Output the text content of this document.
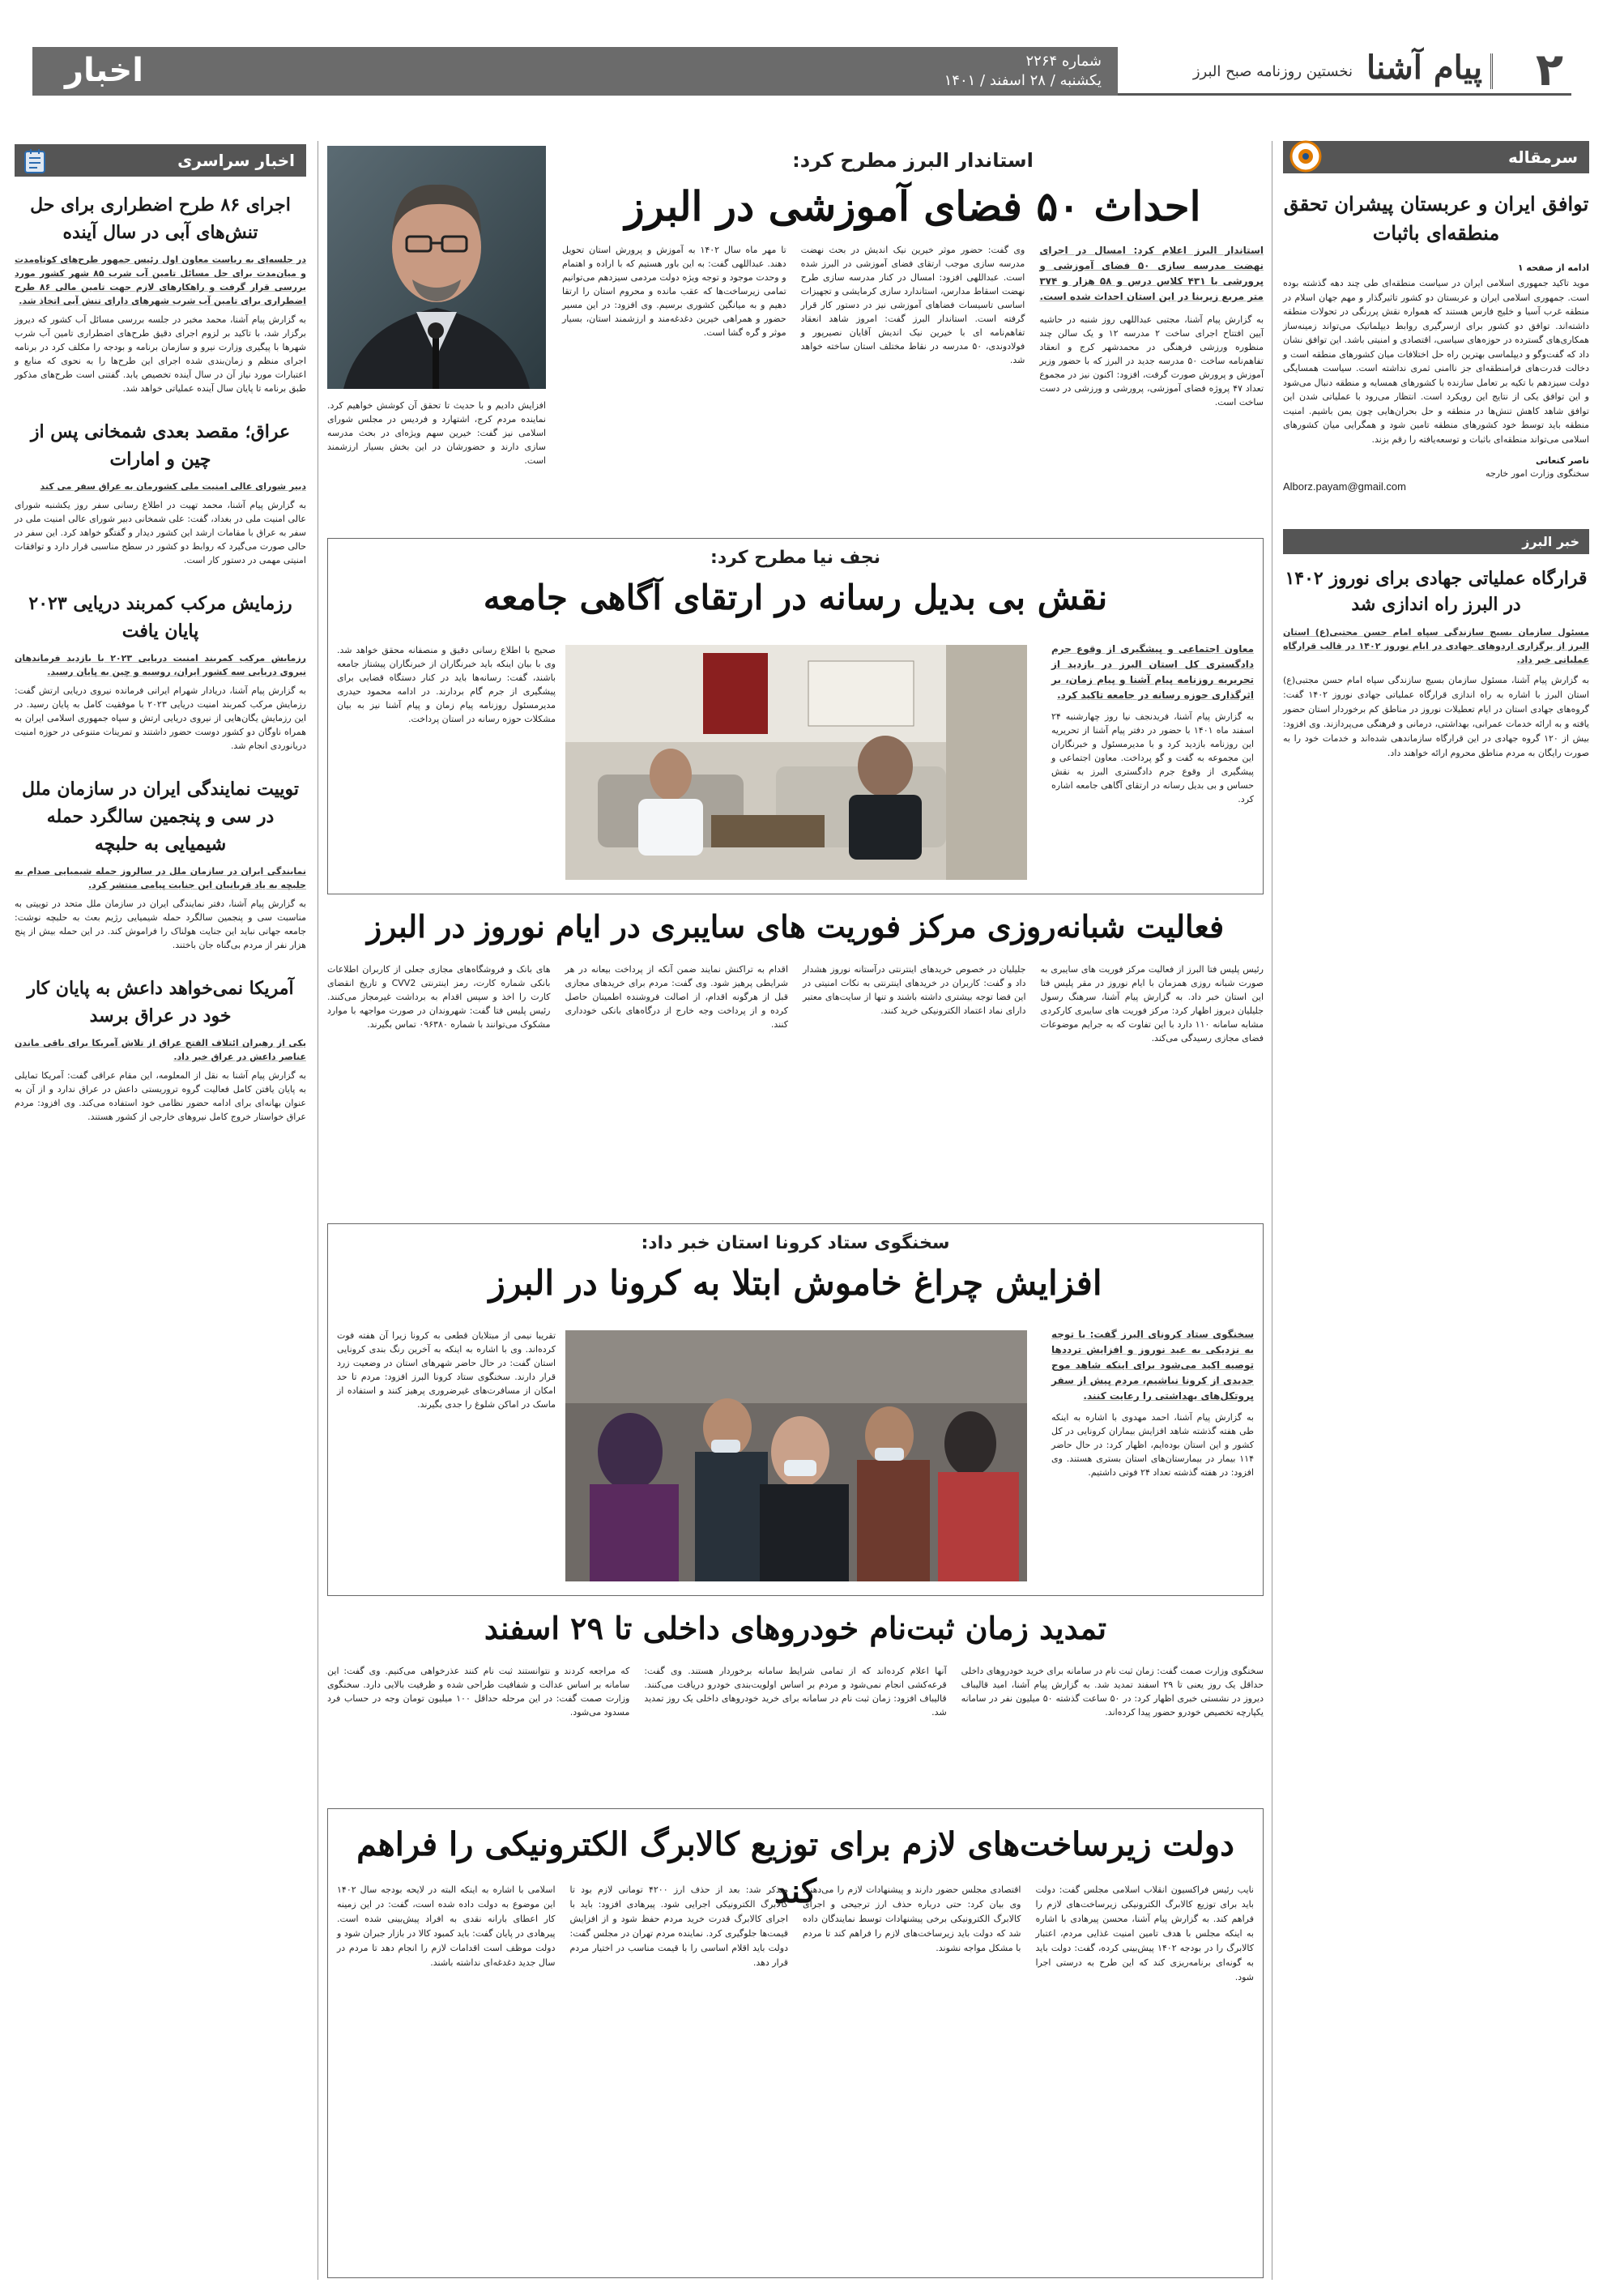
۲
پیام آشنا
نخستین روزنامه صبح البرز
اخبار	شماره ۲۲۶۴
یکشنبه / ۲۸ اسفند / ۱۴۰۱
سرمقاله
توافق ایران و عربستان پیشران تحقق منطقه‌ای باثبات
ادامه از صفحه ۱
موید تاکید جمهوری اسلامی ایران در سیاست منطقه‌ای طی چند دهه گذشته بوده است. جمهوری اسلامی ایران و عربستان دو کشور تاثیرگذار و مهم جهان اسلام در منطقه غرب آسیا و خلیج فارس هستند که همواره نقش پررنگی در تحولات منطقه داشته‌اند. توافق دو کشور برای ازسرگیری روابط دیپلماتیک می‌تواند زمینه‌ساز همکاری‌های گسترده در حوزه‌های سیاسی، اقتصادی و امنیتی باشد. این توافق نشان داد که گفت‌وگو و دیپلماسی بهترین راه حل اختلافات میان کشورهای منطقه است و دخالت قدرت‌های فرامنطقه‌ای جز ناامنی ثمری نداشته است. سیاست همسایگی دولت سیزدهم با تکیه بر تعامل سازنده با کشورهای همسایه و منطقه دنبال می‌شود و این توافق یکی از نتایج این رویکرد است. انتظار می‌رود با عملیاتی شدن این توافق شاهد کاهش تنش‌ها در منطقه و حل بحران‌هایی چون یمن باشیم. امنیت منطقه باید توسط خود کشورهای منطقه تامین شود و همگرایی میان کشورهای اسلامی می‌تواند منطقه‌ای باثبات و توسعه‌یافته را رقم بزند.
ناصر کنعانی
سخنگوی وزارت امور خارجه
Alborz.payam@gmail.com
خبر البرز
قرارگاه عملیاتی جهادی برای نوروز ۱۴۰۲ در البرز راه اندازی شد
مسئول سازمان بسیج سازندگی سپاه امام حسن مجتبی(ع) استان البرز از برگزاری اردوهای جهادی در ایام نوروز ۱۴۰۲ در قالب قرارگاه عملیاتی خبر داد.
به گزارش پیام آشنا، مسئول سازمان بسیج سازندگی سپاه امام حسن مجتبی(ع) استان البرز با اشاره به راه اندازی قرارگاه عملیاتی جهادی نوروز ۱۴۰۲ گفت: گروه‌های جهادی استان در ایام تعطیلات نوروز در مناطق کم برخوردار استان حضور یافته و به ارائه خدمات عمرانی، بهداشتی، درمانی و فرهنگی می‌پردازند. وی افزود: بیش از ۱۲۰ گروه جهادی در این قرارگاه سازماندهی شده‌اند و خدمات خود را به صورت رایگان به مردم مناطق محروم ارائه خواهند داد.
اخبار سراسری
اجرای ۸۶ طرح اضطراری برای حل تنش‌های آبی در سال آینده
در جلسه‌ای به ریاست معاون اول رئیس جمهور طرح‌های کوتاه‌مدت و میان‌مدت برای حل مسائل تامین آب شرب ۸۵ شهر کشور مورد بررسی قرار گرفت و راهکارهای لازم جهت تامین مالی ۸۶ طرح اضطراری برای تامین آب شرب شهرهای دارای تنش آبی اتخاذ شد.
به گزارش پیام آشنا، محمد مخبر در جلسه بررسی مسائل آب کشور که دیروز برگزار شد، با تاکید بر لزوم اجرای دقیق طرح‌های اضطراری تامین آب شرب شهرها با پیگیری وزارت نیرو و سازمان برنامه و بودجه را مکلف کرد در برنامه اجرای منظم و زمان‌بندی شده اجرای این طرح‌ها را به نحوی که منابع و اعتبارات مورد نیاز آن در سال آینده تخصیص یابد. گفتنی است طرح‌های مذکور طبق برنامه تا پایان سال آینده عملیاتی خواهد شد.
عراق؛ مقصد بعدی شمخانی پس از چین و امارات
دبیر شورای عالی امنیت ملی کشورمان به عراق سفر می کند
به گزارش پیام آشنا، محمد تهیت در اطلاع رسانی سفر روز یکشنبه شورای عالی امنیت ملی در بغداد، گفت: علی شمخانی دبیر شورای عالی امنیت ملی در سفر به عراق با مقامات ارشد این کشور دیدار و گفتگو خواهد کرد. این سفر در حالی صورت می‌گیرد که روابط دو کشور در سطح مناسبی قرار دارد و توافقات امنیتی مهمی در دستور کار است.
رزمایش مرکب کمربند دریایی ۲۰۲۳ پایان یافت
رزمایش مرکب کمربند امنیت دریایی ۲۰۲۳ با بازدید فرماندهان نیروی دریایی سه کشور ایران، روسیه و چین به پایان رسید.
به گزارش پیام آشنا، دریادار شهرام ایرانی فرمانده نیروی دریایی ارتش گفت: رزمایش مرکب کمربند امنیت دریایی ۲۰۲۳ با موفقیت کامل به پایان رسید. در این رزمایش یگان‌هایی از نیروی دریایی ارتش و سپاه جمهوری اسلامی ایران به همراه ناوگان دو کشور دوست حضور داشتند و تمرینات متنوعی در حوزه امنیت دریانوردی انجام شد.
توییت نمایندگی ایران در سازمان ملل در سی و پنجمین سالگرد حمله شیمیایی به حلبچه
نمایندگی ایران در سازمان ملل در سالروز حمله شیمیایی صدام به حلبچه به یاد قربانیان این جنایت پیامی منتشر کرد.
به گزارش پیام آشنا، دفتر نمایندگی ایران در سازمان ملل متحد در توییتی به مناسبت سی و پنجمین سالگرد حمله شیمیایی رژیم بعث به حلبچه نوشت: جامعه جهانی نباید این جنایت هولناک را فراموش کند. در این حمله بیش از پنج هزار نفر از مردم بی‌گناه جان باختند.
آمریکا نمی‌خواهد داعش به پایان کار خود در عراق برسد
یکی از رهبران ائتلاف الفتح عراق از تلاش آمریکا برای باقی ماندن عناصر داعش در عراق خبر داد.
به گزارش پیام آشنا به نقل از المعلومه، این مقام عراقی گفت: آمریکا تمایلی به پایان یافتن کامل فعالیت گروه تروریستی داعش در عراق ندارد و از آن به عنوان بهانه‌ای برای ادامه حضور نظامی خود استفاده می‌کند. وی افزود: مردم عراق خواستار خروج کامل نیروهای خارجی از کشور هستند.
استاندار البرز مطرح کرد:
احداث ۵۰ فضای آموزشی در البرز
استاندار البرز اعلام کرد: امسال در اجرای نهضت مدرسه سازی ۵۰ فضای آموزشی و پرورشی با ۴۳۱ کلاس درس و ۵۸ هزار و ۳۷۴ متر مربع زیربنا در این استان احداث شده است.
به گزارش پیام آشنا، مجتبی عبداللهی روز شنبه در حاشیه آیین افتتاح اجرای ساخت ۲ مدرسه ۱۲ و یک سالن چند منظوره ورزشی فرهنگی در محمدشهر کرج و انعقاد تفاهم‌نامه ساخت ۵۰ مدرسه جدید در البرز که با حضور وزیر آموزش و پرورش صورت گرفت، افزود: اکنون نیز در مجموع تعداد ۴۷ پروژه فضای آموزشی، پرورشی و ورزشی در دست ساخت است.
وی گفت: حضور موثر خیرین نیک اندیش در بحث نهضت مدرسه سازی موجب ارتقای فضای آموزشی در البرز شده است. عبداللهی افزود: امسال در کنار مدرسه سازی طرح نهضت اسقاط مدارس، استاندارد سازی کرمایشی و تجهیزات اساسی تاسیسات فضاهای آموزشی نیز در دستور کار قرار گرفته است. استاندار البرز گفت: امروز شاهد انعقاد تفاهم‌نامه ای با خیرین نیک اندیش آقایان نصیرپور و فولادوندی، ۵۰ مدرسه در نقاط مختلف استان ساخته خواهد شد.
تا مهر ماه سال ۱۴۰۲ به آموزش و پرورش استان تحویل دهند. عبداللهی گفت: به این باور هستیم که با اراده و اهتمام و وحدت موجود و توجه ویژه دولت مردمی سیزدهم می‌توانیم تمامی زیرساخت‌ها که عقب مانده و محروم استان را ارتقا دهیم و به میانگین کشوری برسیم. وی افزود: در این مسیر حضور و همراهی خیرین دغدغه‌مند و ارزشمند استان، بسیار موثر و گره گشا است.
افزایش دادیم و با حدیث تا تحقق آن کوشش خواهیم کرد. نماینده مردم کرج، اشتهارد و فردیس در مجلس شورای اسلامی نیز گفت: خیرین سهم ویژه‌ای در بحث مدرسه سازی دارند و حضورشان در این بخش بسیار ارزشمند است.
نجف نیا مطرح کرد:
نقش بی بدیل رسانه در ارتقای آگاهی جامعه
معاون اجتماعی و پیشگیری از وقوع جرم دادگستری کل استان البرز در بازدید از تحریریه روزنامه پیام آشنا و پیام زمان، بر اثرگذاری حوزه رسانه در جامعه تاکید کرد.
به گزارش پیام آشنا، فریدنجف نیا روز چهارشنبه ۲۴ اسفند ماه ۱۴۰۱ با حضور در دفتر پیام آشنا از تحریریه این روزنامه بازدید کرد و با مدیرمسئول و خبرنگاران این مجموعه به گفت و گو پرداخت. معاون اجتماعی و پیشگیری از وقوع جرم دادگستری البرز به نقش حساس و بی بدیل رسانه در ارتقای آگاهی جامعه اشاره کرد.
صحیح با اطلاع رسانی دقیق و منصفانه محقق خواهد شد. وی با بیان اینکه باید خبرنگاران از خبرنگاران پیشتاز جامعه باشند، گفت: رسانه‌ها باید در کنار دستگاه قضایی برای پیشگیری از جرم گام بردارند. در ادامه محمود حیدری مدیرمسئول روزنامه پیام زمان و پیام آشنا نیز به بیان مشکلات حوزه رسانه در استان پرداخت.
فعالیت شبانه‌روزی مرکز فوریت های سایبری در ایام نوروز در البرز
رئیس پلیس فتا البرز از فعالیت مرکز فوریت های سایبری به صورت شبانه روزی همزمان با ایام نوروز در مقر پلیس فتا این استان خبر داد. به گزارش پیام آشنا، سرهنگ رسول جلیلیان دیروز اظهار کرد: مرکز فوریت های سایبری کارکردی مشابه سامانه ۱۱۰ دارد با این تفاوت که به جرایم موضوعات فضای مجازی رسیدگی می‌کند.
جلیلیان در خصوص خریدهای اینترنتی درآستانه نوروز هشدار داد و گفت: کاربران در خریدهای اینترنتی به نکات امنیتی در این فضا توجه بیشتری داشته باشند و تنها از سایت‌های معتبر دارای نماد اعتماد الکترونیکی خرید کنند.
اقدام به تراکنش نمایند ضمن آنکه از پرداخت بیعانه در هر شرایطی پرهیز شود. وی گفت: مردم برای خریدهای مجازی قبل از هرگونه اقدام، از اصالت فروشنده اطمینان حاصل کرده و از پرداخت وجه خارج از درگاه‌های بانکی خودداری کنند.
های بانک و فروشگاه‌های مجازی جعلی از کاربران اطلاعات بانکی شماره کارت، رمز اینترنتی CVV2 و تاریخ انقضای کارت را اخذ و سپس اقدام به برداشت غیرمجاز می‌کنند. رئیس پلیس فتا گفت: شهروندان در صورت مواجهه با موارد مشکوک می‌توانند با شماره ۰۹۶۳۸۰ تماس بگیرند.
سخنگوی ستاد کرونا استان خبر داد:
افزایش چراغ خاموش ابتلا به کرونا در البرز
سخنگوی ستاد کرونای البرز گفت: با توجه به نزدیکی به عید نوروز و افزایش ترددها توصیه اکید می‌شود برای اینکه شاهد موج جدیدی از کرونا نباشیم، مردم پیش از سفر پروتکل‌های بهداشتی را رعایت کنند.
به گزارش پیام آشنا، احمد مهدوی با اشاره به اینکه طی هفته گذشته شاهد افزایش بیماران کرونایی در کل کشور و این استان بوده‌ایم، اظهار کرد: در حال حاضر ۱۱۴ بیمار در بیمارستان‌های استان بستری هستند. وی افزود: در هفته گذشته تعداد ۲۴ فوتی داشتیم.
تقریبا نیمی از مبتلایان قطعی به کرونا زیرا آن هفته فوت کرده‌اند. وی با اشاره به اینکه به آخرین رنگ بندی کرونایی استان گفت: در حال حاضر شهرهای استان در وضعیت زرد قرار دارند. سخنگوی ستاد کرونا البرز افزود: مردم تا حد امکان از مسافرت‌های غیرضروری پرهیز کنند و استفاده از ماسک در اماکن شلوغ را جدی بگیرند.
تمدید زمان ثبت‌نام خودروهای داخلی تا ۲۹ اسفند
سخنگوی وزارت صمت گفت: زمان ثبت نام در سامانه برای خرید خودروهای داخلی حداقل یک روز یعنی تا ۲۹ اسفند تمدید شد. به گزارش پیام آشنا، امید قالیباف دیروز در نشستی خبری اظهار کرد: در ۵۰ ساعت گذشته ۵۰ میلیون نفر در سامانه یکپارچه تخصیص خودرو حضور پیدا کرده‌اند.
آنها اعلام کرده‌اند که از تمامی شرایط سامانه برخوردار هستند. وی گفت: قرعه‌کشی انجام نمی‌شود و مردم بر اساس اولویت‌بندی خودرو دریافت می‌کنند. قالیباف افزود: زمان ثبت نام در سامانه برای خرید خودروهای داخلی یک روز تمدید شد.
که مراجعه کردند و نتوانستند ثبت نام کنند عذرخواهی می‌کنیم. وی گفت: این سامانه بر اساس عدالت و شفافیت طراحی شده و ظرفیت بالایی دارد. سخنگوی وزارت صمت گفت: در این مرحله حداقل ۱۰۰ میلیون تومان وجه در حساب فرد مسدود می‌شود.
دولت زیرساخت‌های لازم برای توزیع کالابرگ الکترونیکی را فراهم کند	نایب رئیس فراکسیون انقلاب اسلامی مجلس گفت: دولت باید برای توزیع کالابرگ الکترونیکی زیرساخت‌های لازم را فراهم کند. به گزارش پیام آشنا، محسن پیرهادی با اشاره به اینکه مجلس با هدف تامین امنیت غذایی مردم، اعتبار کالابرگ را در بودجه ۱۴۰۲ پیش‌بینی کرده، گفت: دولت باید به گونه‌ای برنامه‌ریزی کند که این طرح به درستی اجرا شود.
اقتصادی مجلس حضور دارند و پیشنهادات لازم را می‌دهند. وی بیان کرد: حتی درباره حذف ارز ترجیحی و اجرای کالابرگ الکترونیکی برخی پیشنهادات توسط نمایندگان داده شد که دولت باید زیرساخت‌های لازم را فراهم کند تا مردم با مشکل مواجه نشوند.
متذکر شد: بعد از حذف ارز ۴۲۰۰ تومانی لازم بود تا کالابرگ الکترونیکی اجرایی شود. پیرهادی افزود: باید با اجرای کالابرگ قدرت خرید مردم حفظ شود و از افزایش قیمت‌ها جلوگیری کرد. نماینده مردم تهران در مجلس گفت: دولت باید اقلام اساسی را با قیمت مناسب در اختیار مردم قرار دهد.
اسلامی با اشاره به اینکه البته در لایحه بودجه سال ۱۴۰۲ این موضوع به دولت داده شده است، گفت: در این زمینه کار اعطای بارانه نقدی به افراد پیش‌بینی شده است. پیرهادی در پایان گفت: باید کمبود کالا در بازار جبران شود و دولت موظف است اقدامات لازم را انجام دهد تا مردم در سال جدید دغدغه‌ای نداشته باشند.
